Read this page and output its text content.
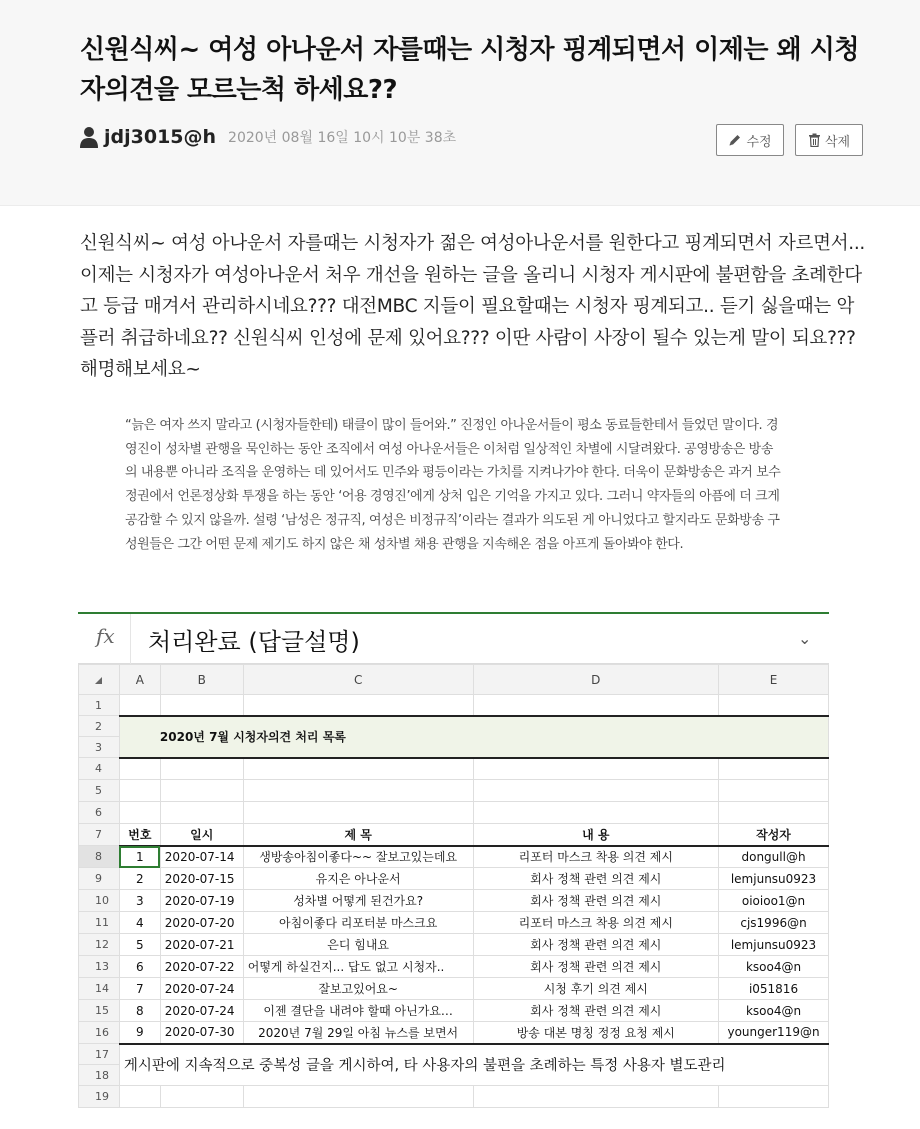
신원식씨~ 여성 아나운서 자를때는 시청자 핑계되면서 이제는 왜 시청자의견을 모르는척 하세요??
jdj3015@h 2020년 08월 16일 10시 10분 38초	수정	삭제

신원식씨~ 여성 아나운서 자를때는 시청자가 젊은 여성아나운서를 원한다고 핑계되면서 자르면서... 이제는 시청자가 여성아나운서 처우 개선을 원하는 글을 올리니 시청자 게시판에 불편함을 초례한다고 등급 매겨서 관리하시네요??? 대전MBC 지들이 필요할때는 시청자 핑계되고.. 듣기 싫을때는 악플러 취급하네요?? 신원식씨 인성에 문제 있어요??? 이딴 사람이 사장이 될수 있는게 말이 되요??? 해명해보세요~

“늙은 여자 쓰지 말라고 (시청자들한테) 태클이 많이 들어와.” 진정인 아나운서들이 평소 동료들한테서 들었던 말이다. 경영진이 성차별 관행을 묵인하는 동안 조직에서 여성 아나운서들은 이처럼 일상적인 차별에 시달려왔다. 공영방송은 방송의 내용뿐 아니라 조직을 운영하는 데 있어서도 민주와 평등이라는 가치를 지켜나가야 한다. 더욱이 문화방송은 과거 보수정권에서 언론정상화 투쟁을 하는 동안 ‘어용 경영진’에게 상처 입은 기억을 가지고 있다. 그러니 약자들의 아픔에 더 크게 공감할 수 있지 않을까. 설령 ‘남성은 정규직, 여성은 비정규직’이라는 결과가 의도된 게 아니었다고 할지라도 문화방송 구성원들은 그간 어떤 문제 제기도 하지 않은 채 성차별 채용 관행을 지속해온 점을 아프게 돌아봐야 한다.

fx 처리완료 (답글설명)	⌄
	A	B	C	D	E
1					
2	2020년 7월 시청자의견 처리 목록				
3					
4					
5					
6					
7	번호	일시	제 목	내 용	작성자
8	1	2020-07-14	생방송아침이좋다~~ 잘보고있는데요	리포터 마스크 착용 의견 제시	dongull@h
9	2	2020-07-15	유지은 아나운서	회사 정책 관련 의견 제시	lemjunsu0923
10	3	2020-07-19	성차별 어떻게 된건가요?	회사 정책 관련 의견 제시	oioioo1@n
11	4	2020-07-20	아침이좋다 리포터분 마스크요	리포터 마스크 착용 의견 제시	cjs1996@n
12	5	2020-07-21	은디 힘내요	회사 정책 관련 의견 제시	lemjunsu0923
13	6	2020-07-22	어떻게 하실건지... 답도 없고 시청자..	회사 정책 관련 의견 제시	ksoo4@n
14	7	2020-07-24	잘보고있어요~	시청 후기 의견 제시	i051816
15	8	2020-07-24	이젠 결단을 내려야 할때 아닌가요…	회사 정책 관련 의견 제시	ksoo4@n
16	9	2020-07-30	2020년 7월 29일 아침 뉴스를 보면서	방송 대본 명칭 정정 요청 제시	younger119@n
17	게시판에 지속적으로 중복성 글을 게시하여, 타 사용자의 불편을 초례하는 특정 사용자 별도관리				
18					
19					
